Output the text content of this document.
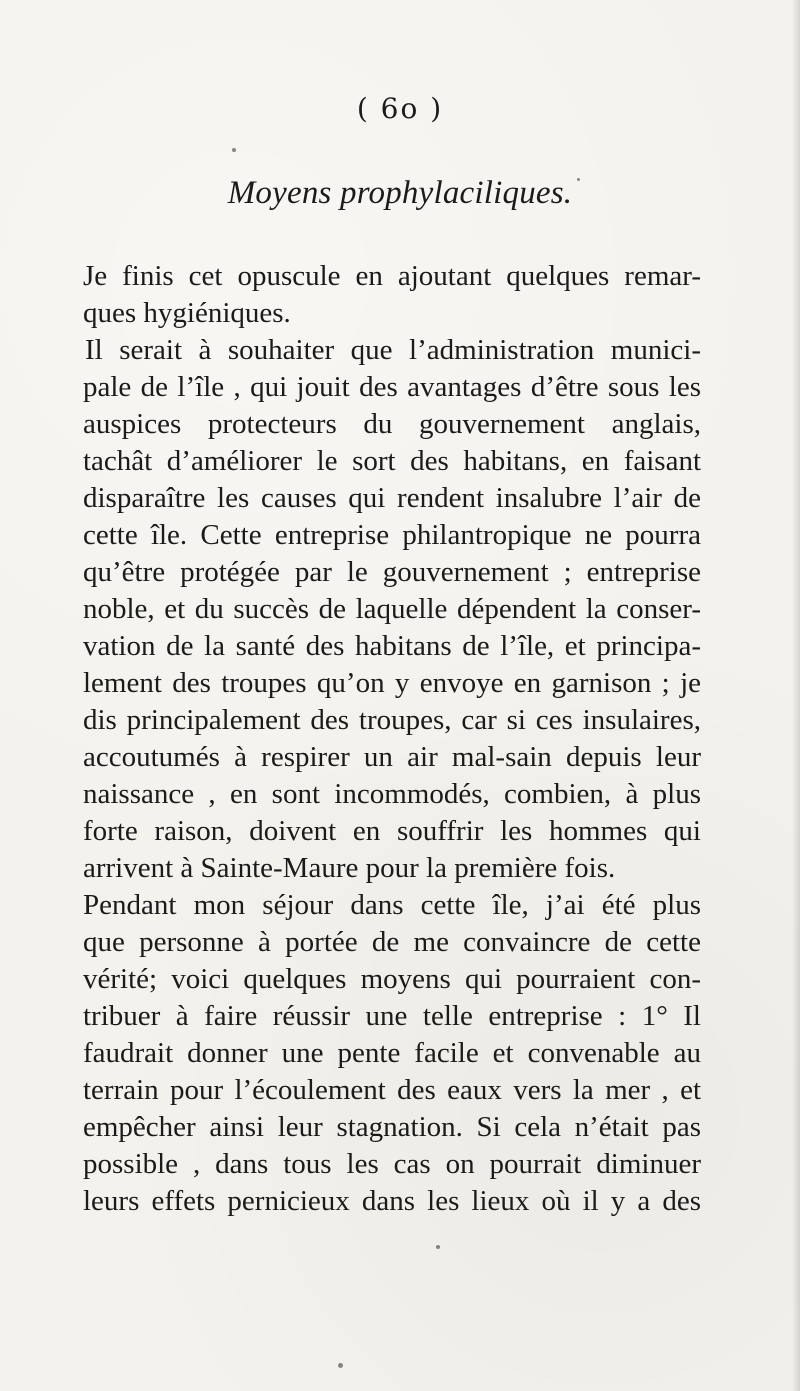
( 6o )
Moyens prophylaciliques.
Je finis cet opuscule en ajoutant quelques remar-
ques hygiéniques.
Il serait à souhaiter que l’administration munici-
pale de l’île , qui jouit des avantages d’être sous les
auspices protecteurs du gouvernement anglais,
tachât d’améliorer le sort des habitans, en faisant
disparaître les causes qui rendent insalubre l’air de
cette île. Cette entreprise philantropique ne pourra
qu’être protégée par le gouvernement ; entreprise
noble, et du succès de laquelle dépendent la conser-
vation de la santé des habitans de l’île, et principa-
lement des troupes qu’on y envoye en garnison ; je
dis principalement des troupes, car si ces insulaires,
accoutumés à respirer un air mal-sain depuis leur
naissance , en sont incommodés, combien, à plus
forte raison, doivent en souffrir les hommes qui
arrivent à Sainte-Maure pour la première fois.
Pendant mon séjour dans cette île, j’ai été plus
que personne à portée de me convaincre de cette
vérité; voici quelques moyens qui pourraient con-
tribuer à faire réussir une telle entreprise : 1° Il
faudrait donner une pente facile et convenable au
terrain pour l’écoulement des eaux vers la mer , et
empêcher ainsi leur stagnation. Si cela n’était pas
possible , dans tous les cas on pourrait diminuer
leurs effets pernicieux dans les lieux où il y a des
